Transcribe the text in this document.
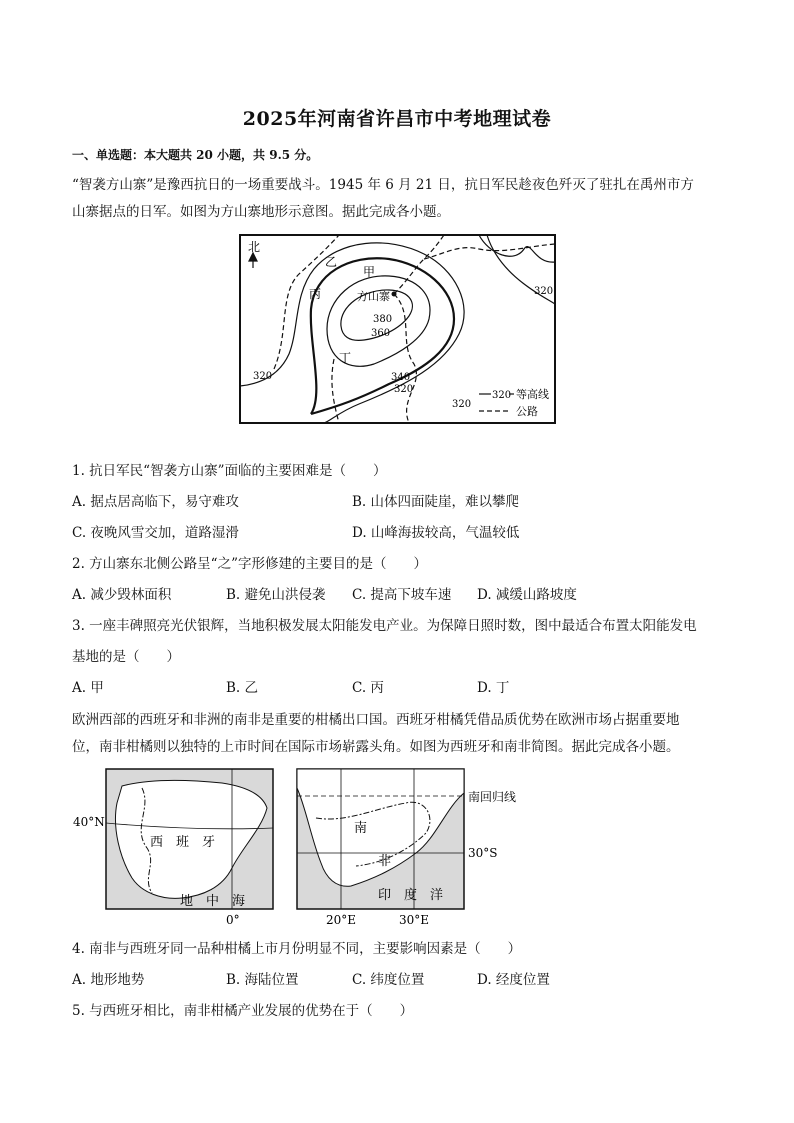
2025年河南省许昌市中考地理试卷
一、单选题：本大题共 20 小题，共 9.5 分。
“智袭方山寨”是豫西抗日的一场重要战斗。1945 年 6 月 21 日，抗日军民趁夜色歼灭了驻扎在禹州市方
山寨据点的日军。如图为方山寨地形示意图。据此完成各小题。
北
乙
甲
丙
丁
方山寨
380
360
340
320
320
320
320
320 等高线
公路
1. 抗日军民“智袭方山寨”面临的主要困难是（　　）
A. 据点居高临下，易守难攻	B. 山体四面陡崖，难以攀爬
C. 夜晚风雪交加，道路湿滑	D. 山峰海拔较高，气温较低
2. 方山寨东北侧公路呈“之”字形修建的主要目的是（　　）
A. 减少毁林面积	B. 避免山洪侵袭 C. 提高下坡车速 D. 减缓山路坡度
3. 一座丰碑照亮光伏银辉，当地积极发展太阳能发电产业。为保障日照时数，图中最适合布置太阳能发电
基地的是（　　）
A. 甲	B. 乙	C. 丙	D. 丁
欧洲西部的西班牙和非洲的南非是重要的柑橘出口国。西班牙柑橘凭借品质优势在欧洲市场占据重要地
位，南非柑橘则以独特的上市时间在国际市场崭露头角。如图为西班牙和南非简图。据此完成各小题。
40°N
西　班　牙
地　中　海
0°
南回归线
30°S
南
非
印　度　洋
20°E	30°E
4. 南非与西班牙同一品种柑橘上市月份明显不同，主要影响因素是（　　）
A. 地形地势	B. 海陆位置	C. 纬度位置	D. 经度位置
5. 与西班牙相比，南非柑橘产业发展的优势在于（　　）
